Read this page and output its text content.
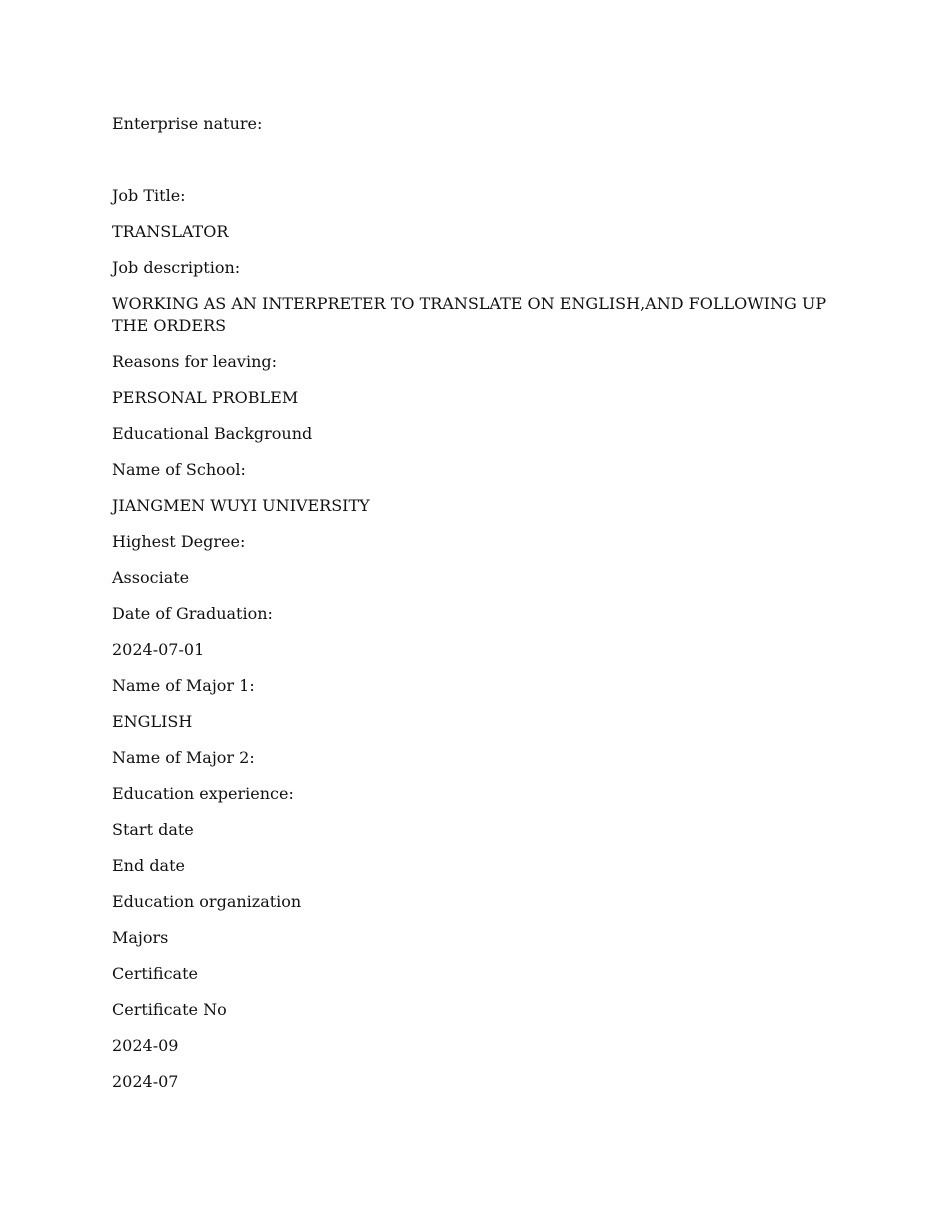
Enterprise nature:

Job Title:

TRANSLATOR

Job description:

WORKING AS AN INTERPRETER TO TRANSLATE ON ENGLISH,AND FOLLOWING UP THE ORDERS

Reasons for leaving:

PERSONAL PROBLEM

Educational Background

Name of School:

JIANGMEN WUYI UNIVERSITY

Highest Degree:

Associate

Date of Graduation:

2024-07-01

Name of Major 1:

ENGLISH

Name of Major 2:

Education experience:

Start date

End date

Education organization

Majors

Certificate

Certificate No

2024-09

2024-07
